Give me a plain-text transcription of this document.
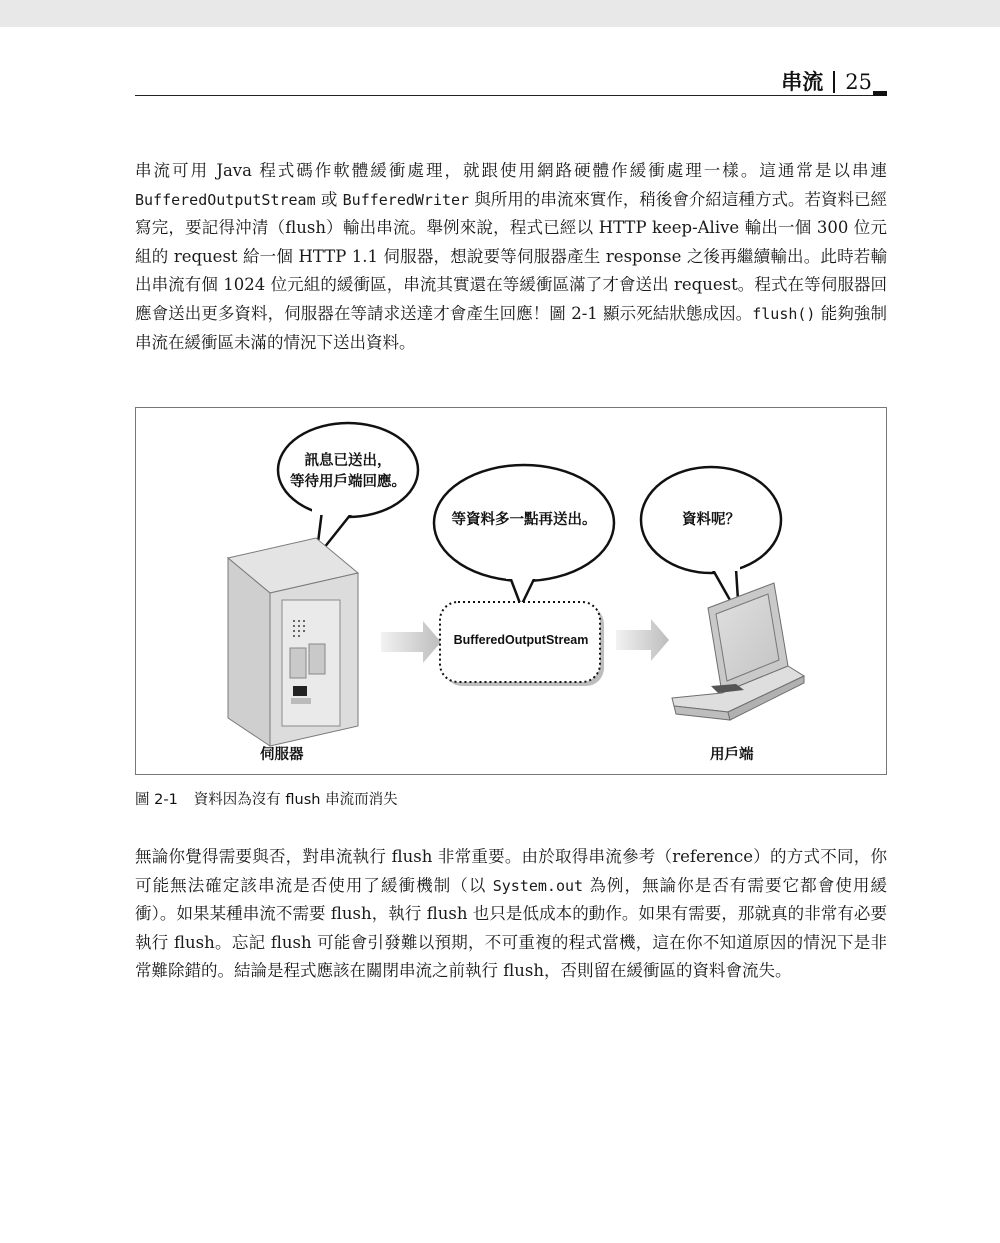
串流 25

串流可用 Java 程式碼作軟體緩衝處理，就跟使用網路硬體作緩衝處理一樣。這通常是以串連 BufferedOutputStream 或 BufferedWriter 與所用的串流來實作，稍後會介紹這種方式。若資料已經寫完，要記得沖清（flush）輸出串流。舉例來說，程式已經以 HTTP keep-Alive 輸出一個 300 位元組的 request 給一個 HTTP 1.1 伺服器，想說要等伺服器產生 response 之後再繼續輸出。此時若輸出串流有個 1024 位元組的緩衝區，串流其實還在等緩衝區滿了才會送出 request。程式在等伺服器回應會送出更多資料，伺服器在等請求送達才會產生回應！圖 2-1 顯示死結狀態成因。flush() 能夠強制串流在緩衝區未滿的情況下送出資料。

訊息已送出，
等待用戶端回應。
等資料多一點再送出。	資料呢？
BufferedOutputStream
伺服器	用戶端
圖 2-1 資料因為沒有 flush 串流而消失

無論你覺得需要與否，對串流執行 flush 非常重要。由於取得串流參考（reference）的方式不同，你可能無法確定該串流是否使用了緩衝機制（以 System.out 為例，無論你是否有需要它都會使用緩衝）。如果某種串流不需要 flush，執行 flush 也只是低成本的動作。如果有需要，那就真的非常有必要執行 flush。忘記 flush 可能會引發難以預期，不可重複的程式當機，這在你不知道原因的情況下是非常難除錯的。結論是程式應該在關閉串流之前執行 flush，否則留在緩衝區的資料會流失。
